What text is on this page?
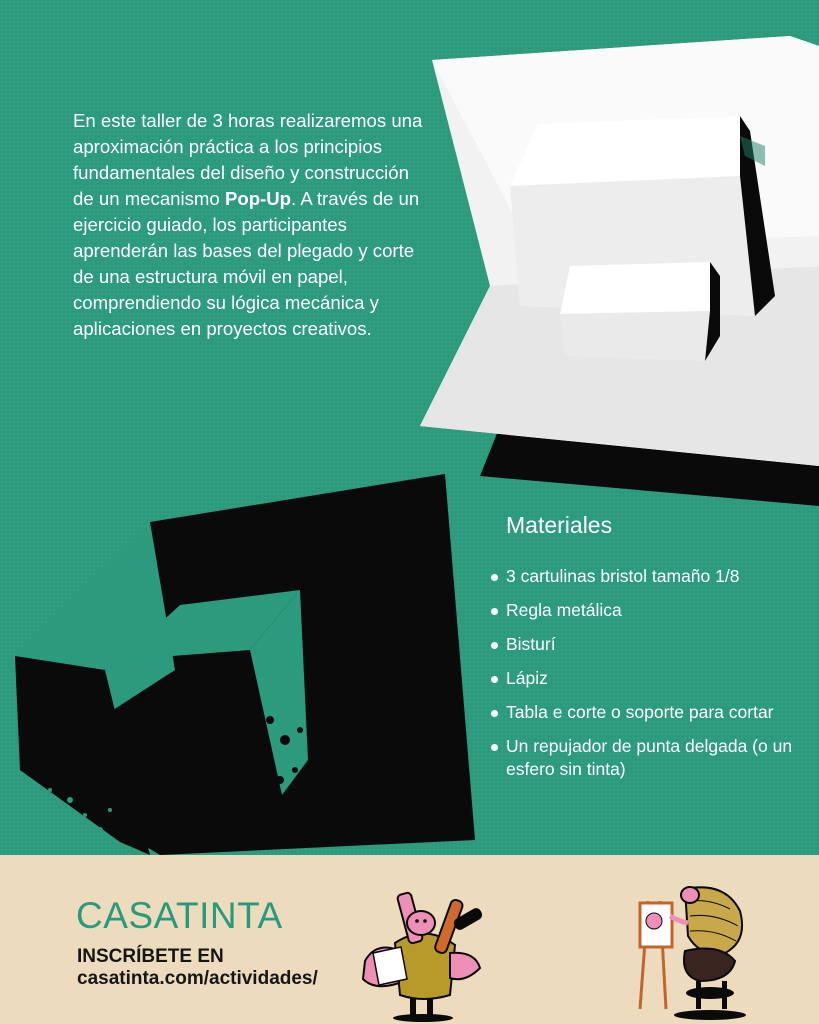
En este taller de 3 horas realizaremos una aproximación práctica a los principios fundamentales del diseño y construcción de un mecanismo Pop-Up. A través de un ejercicio guiado, los participantes aprenderán las bases del plegado y corte de una estructura móvil en papel, comprendiendo su lógica mecánica y aplicaciones en proyectos creativos.
Materiales
3 cartulinas bristol tamaño 1/8
Regla metálica
Bisturí
Lápiz
Tabla e corte o soporte para cortar
Un repujador de punta delgada (o un esfero sin tinta)
CASATINTA
INSCRÍBETE EN
casatinta.com/actividades/
